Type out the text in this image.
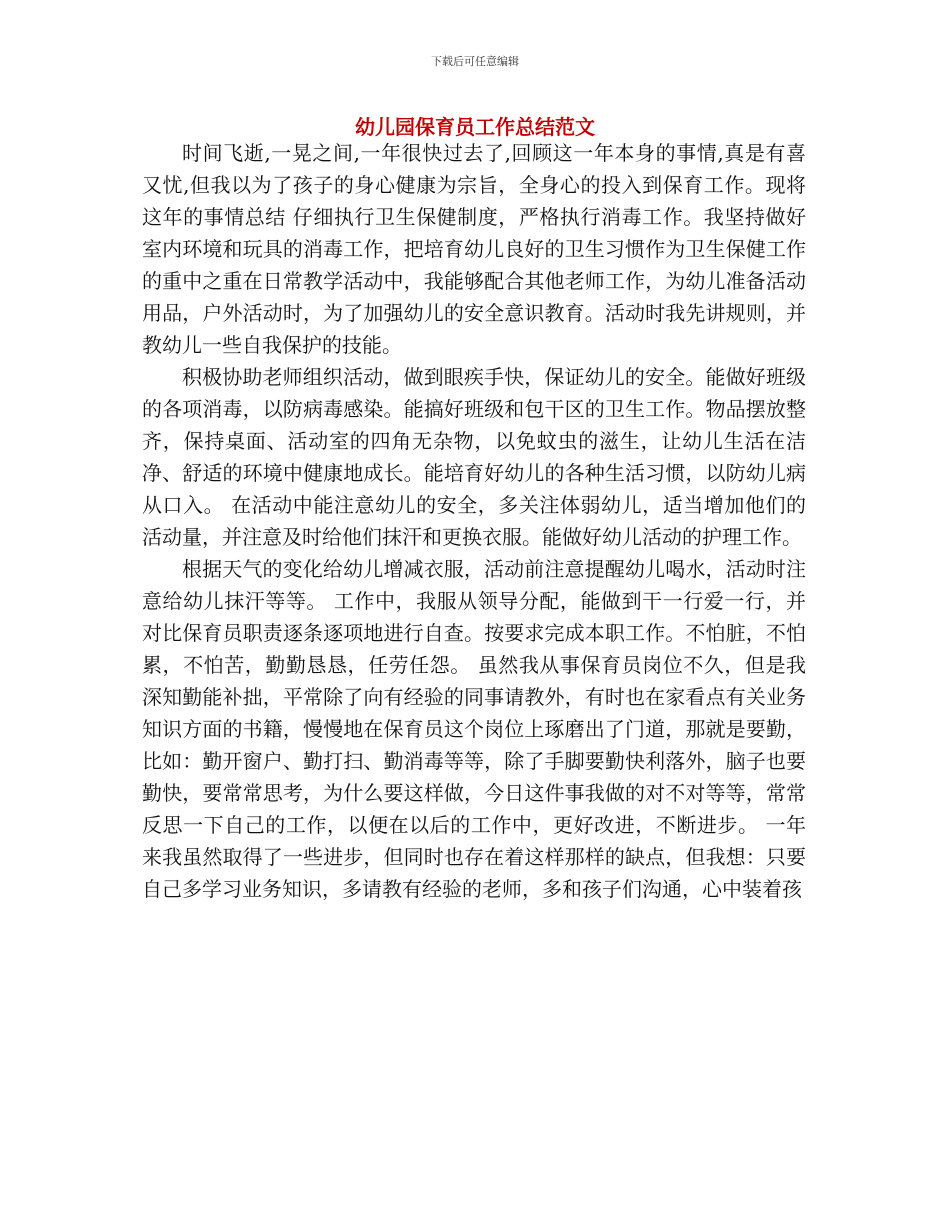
下载后可任意编辑
幼儿园保育员工作总结范文

时间飞逝,一晃之间,一年很快过去了,回顾这一年本身的事情,真是有喜又忧,但我以为了孩子的身心健康为宗旨，全身心的投入到保育工作。现将这年的事情总结 仔细执行卫生保健制度，严格执行消毒工作。我坚持做好室内环境和玩具的消毒工作，把培育幼儿良好的卫生习惯作为卫生保健工作的重中之重在日常教学活动中，我能够配合其他老师工作，为幼儿准备活动用品，户外活动时，为了加强幼儿的安全意识教育。活动时我先讲规则，并教幼儿一些自我保护的技能。

积极协助老师组织活动，做到眼疾手快，保证幼儿的安全。能做好班级的各项消毒，以防病毒感染。能搞好班级和包干区的卫生工作。物品摆放整齐，保持桌面、活动室的四角无杂物，以免蚊虫的滋生，让幼儿生活在洁净、舒适的环境中健康地成长。能培育好幼儿的各种生活习惯，以防幼儿病从口入。 在活动中能注意幼儿的安全，多关注体弱幼儿，适当增加他们的活动量，并注意及时给他们抹汗和更换衣服。能做好幼儿活动的护理工作。

根据天气的变化给幼儿增减衣服，活动前注意提醒幼儿喝水，活动时注意给幼儿抹汗等等。 工作中，我服从领导分配，能做到干一行爱一行，并对比保育员职责逐条逐项地进行自查。按要求完成本职工作。不怕脏，不怕累，不怕苦，勤勤恳恳，任劳任怨。 虽然我从事保育员岗位不久，但是我深知勤能补拙，平常除了向有经验的同事请教外，有时也在家看点有关业务知识方面的书籍，慢慢地在保育员这个岗位上琢磨出了门道，那就是要勤，比如：勤开窗户、勤打扫、勤消毒等等，除了手脚要勤快利落外，脑子也要勤快，要常常思考，为什么要这样做，今日这件事我做的对不对等等，常常反思一下自己的工作，以便在以后的工作中，更好改进，不断进步。 一年来我虽然取得了一些进步，但同时也存在着这样那样的缺点，但我想：只要自己多学习业务知识，多请教有经验的老师，多和孩子们沟通，心中装着孩
